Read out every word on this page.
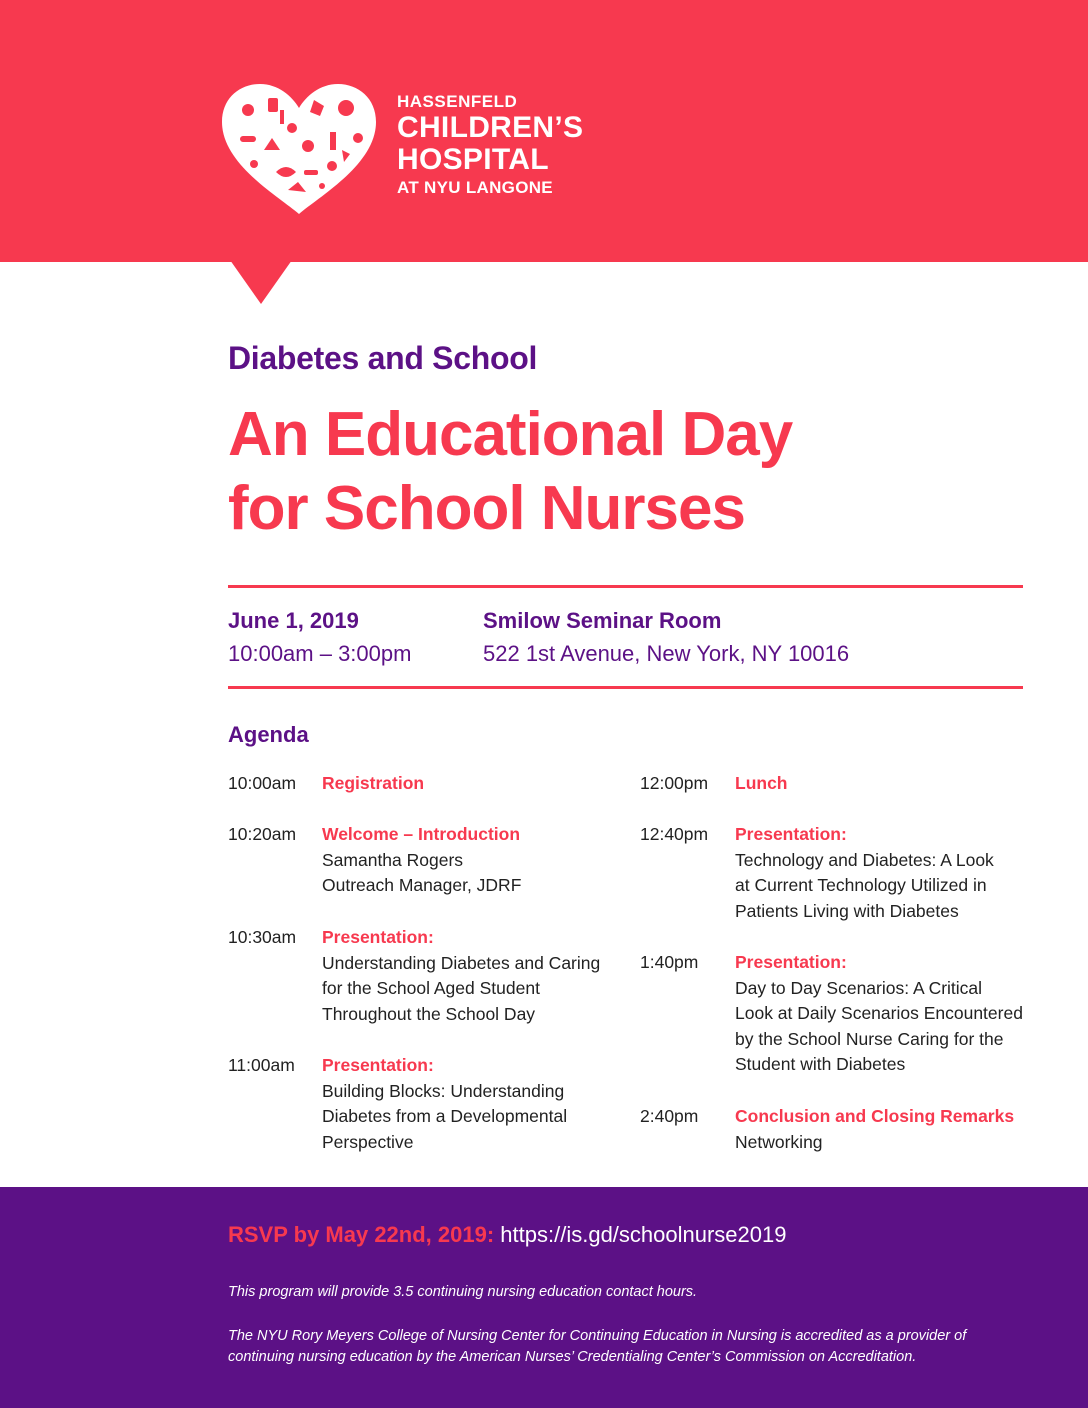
HASSENFELD
CHILDREN’S
HOSPITAL
AT NYU LANGONE
Diabetes and School
An Educational Day
for School Nurses
June 1, 2019
10:00am – 3:00pm
Smilow Seminar Room
522 1st Avenue, New York, NY 10016
Agenda
10:00am Registration
10:20am Welcome – Introduction
Samantha Rogers
Outreach Manager, JDRF
10:30am Presentation:
Understanding Diabetes and Caring
for the School Aged Student
Throughout the School Day
11:00am Presentation:
Building Blocks: Understanding
Diabetes from a Developmental
Perspective
12:00pm Lunch
12:40pm Presentation:
Technology and Diabetes: A Look
at Current Technology Utilized in
Patients Living with Diabetes
1:40pm Presentation:
Day to Day Scenarios: A Critical
Look at Daily Scenarios Encountered
by the School Nurse Caring for the
Student with Diabetes
2:40pm Conclusion and Closing Remarks
Networking
RSVP by May 22nd, 2019: https://is.gd/schoolnurse2019
This program will provide 3.5 continuing nursing education contact hours.
The NYU Rory Meyers College of Nursing Center for Continuing Education in Nursing is accredited as a provider of
continuing nursing education by the American Nurses’ Credentialing Center’s Commission on Accreditation.
